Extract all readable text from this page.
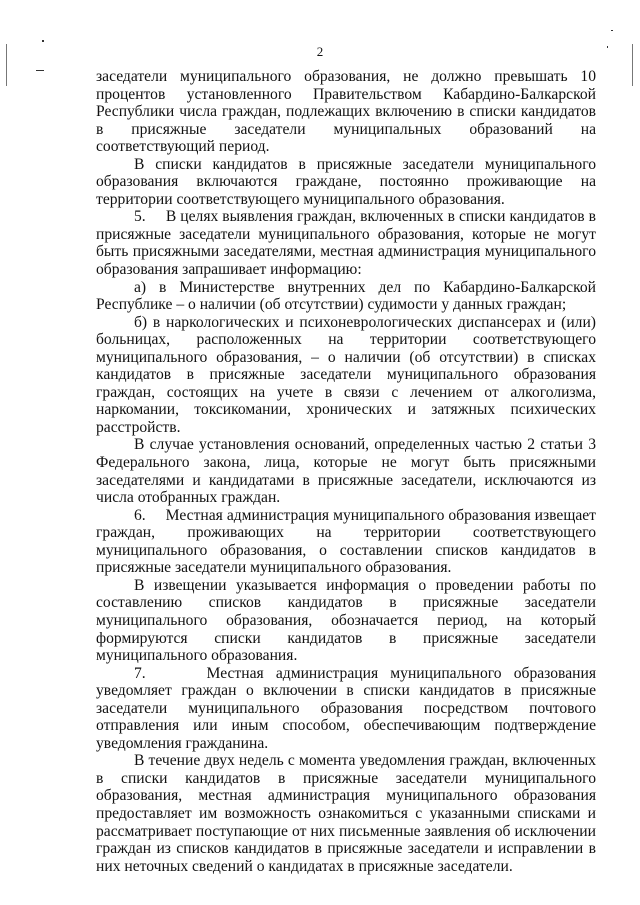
2

заседатели муниципального образования, не должно превышать 10 процентов установленного Правительством Кабардино-Балкарской Республики числа граждан, подлежащих включению в списки кандидатов в присяжные заседатели муниципальных образований на соответствующий период.

В списки кандидатов в присяжные заседатели муниципального образования включаются граждане, постоянно проживающие на территории соответствующего муниципального образования.

5.     В целях выявления граждан, включенных в списки кандидатов в присяжные заседатели муниципального образования, которые не могут быть присяжными заседателями, местная администрация муниципального образования запрашивает информацию:

а) в Министерстве внутренних дел по Кабардино-Балкарской Республике – о наличии (об отсутствии) судимости у данных граждан;

б) в наркологических и психоневрологических диспансерах и (или) больницах, расположенных на территории соответствующего муниципального образования, – о наличии (об отсутствии) в списках кандидатов в присяжные заседатели муниципального образования граждан, состоящих на учете в связи с лечением от алкоголизма, наркомании, токсикомании, хронических и затяжных психических расстройств.

В случае установления оснований, определенных частью 2 статьи 3 Федерального закона, лица, которые не могут быть присяжными заседателями и кандидатами в присяжные заседатели, исключаются из числа отобранных граждан.

6.     Местная администрация муниципального образования извещает граждан, проживающих на территории соответствующего муниципального образования, о составлении списков кандидатов в присяжные заседатели муниципального образования.

В извещении указывается информация о проведении работы по составлению списков кандидатов в присяжные заседатели муниципального образования, обозначается период, на который формируются списки кандидатов в присяжные заседатели муниципального образования.

7.     Местная администрация муниципального образования уведомляет граждан о включении в списки кандидатов в присяжные заседатели муниципального образования посредством почтового отправления или иным способом, обеспечивающим подтверждение уведомления гражданина.

В течение двух недель с момента уведомления граждан, включенных в списки кандидатов в присяжные заседатели муниципального образования, местная администрация муниципального образования предоставляет им возможность ознакомиться с указанными списками и рассматривает поступающие от них письменные заявления об исключении граждан из списков кандидатов в присяжные заседатели и исправлении в них неточных сведений о кандидатах в присяжные заседатели.
